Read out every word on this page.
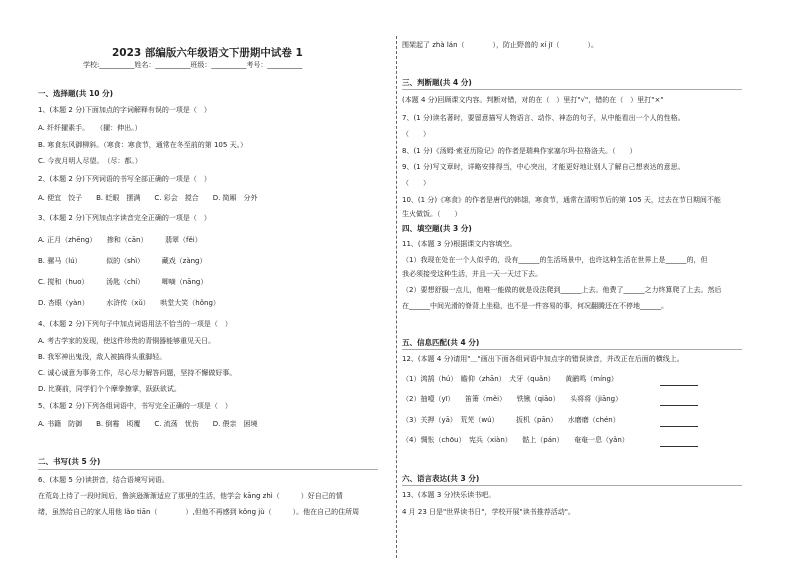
2023 部编版六年级语文下册期中试卷 1
学校:__________姓名：__________班级：__________考号：__________
一、选择题(共 10 分)
1、(本题 2 分)下面加点的字词解释有误的一项是（　）
A. 纤纤擢素手。　　（擢：伸出。）
B. 寒食东风御柳斜。（寒食：寒食节，通常在冬至前的第 105 天。）
C. 今夜月明人尽望。　（尽：都。）
2、(本题 2 分)下列词语的书写全部正确的一项是（　）
A. 便宜　饺子　　B. 眨眼　摆满　　C. 彩会　搅合　　D. 简厢　分外
3、(本题 2 分)下列加点字读音完全正确的一项是（　）
A. 正月（zhēng）　　掺和（cān）　　　翡翠（fěi）
B. 骡马（lú）　　　　似的（shì）　　　藏戏（zàng）
C. 搅和（huo）　　　汤匙（chí）　　　唧嘀（nāng）
D. 杏眼（yàn）　　　水浒传（xǔ）　　哄堂大笑（hǒng）
4、(本题 2 分)下列句子中加点词语用法不恰当的一项是（　）
A. 考古学家的发现，使这件珍贵的青铜器能够重见天日。
B. 我军神出鬼没，敌人被搞得头重脚轻。
C. 诚心诚意为事务工作，尽心尽力解答问题，坚持不懈做好事。
D. 比赛前，同学们个个摩拳擦掌，跃跃欲试。
5、(本题 2 分)下列各组词语中，书写完全正确的一项是（　）
A. 书籍　防御　　B. 倒霉　顷覆　　C. 流荡　忧伤　　D. 偎亲　困境
二、书写(共 5 分)
6、(本题 5 分)读拼音，结合语境写词语。
在荒岛上待了一段时间后，鲁滨逊渐渐适应了那里的生活，他学会 kāng zhì（　　　）好自己的情
绪，虽然给自己的家人用他 lǎo tiān（　　　　）,但他不再感到 kǒng jù（　　　）。他在自己的住所周
围架起了 zhà lán（　　　　），防止野兽的 xí jī（　　　　）。
三、判断题(共 4 分)
(本题 4 分)回顾课文内容。判断对错，对的在（　）里打"√"，错的在（　）里打"×"
7、(1 分)读名著时，要留意描写人物语言、动作、神态的句子，从中能看出一个人的性格。
（　　）
8、(1 分)《汤姆·索亚历险记》的作者是瑞典作家塞尔玛·拉格洛夫。（　　）
9、(1 分)写文章时，详略安排得当，中心突出，才能更好地让别人了解自己想表达的意思。
（　　）
10、(1 分)《寒食》的作者是唐代的韩翃，寒食节，通常在清明节后的第 105 天，过去在节日期间不能
生火做饭。（　　）
四、填空题(共 3 分)
11、(本题 3 分)根据课文内容填空。
（1）我现在处在一个人似乎的，设有______的生活场景中，也许这种生活在世界上是______的，但
我必须接受这种生活，并且一天一天过下去。
（2）要想舒服一点儿，他唯一能做的就是设法爬到______上去。他费了______之力终算爬了上去。然后
在______中间光滑的脊背上坐稳，也不是一件容易的事，何况翻腾还在不停地______。
五、信息匹配(共 4 分)
12、(本题 4 分)请用"＿"画出下面各组词语中加点字的错误读音，并改正在后面的横线上。
（1）鸿鹄（hú）　瞻仰（zhān）　犬牙（quǎn）　　黄鹂鸣（míng）
（2）抽噎（yī）　　笛箫（měi）　　铁锹（qiāo）　　头将将（jiāng）
（3）关押（yā）　荒芜（wú）　　　扳机（pān）　　水磨磨（chén）
（4）惆怅（chōu）　宪兵（xiàn）　　骷上（pán）　　奄奄一息（yǎn）
六、语言表达(共 3 分)
13、(本题 3 分)快乐读书吧。
4 月 23 日是"世界读书日"，学校开展"读书推荐活动"。
